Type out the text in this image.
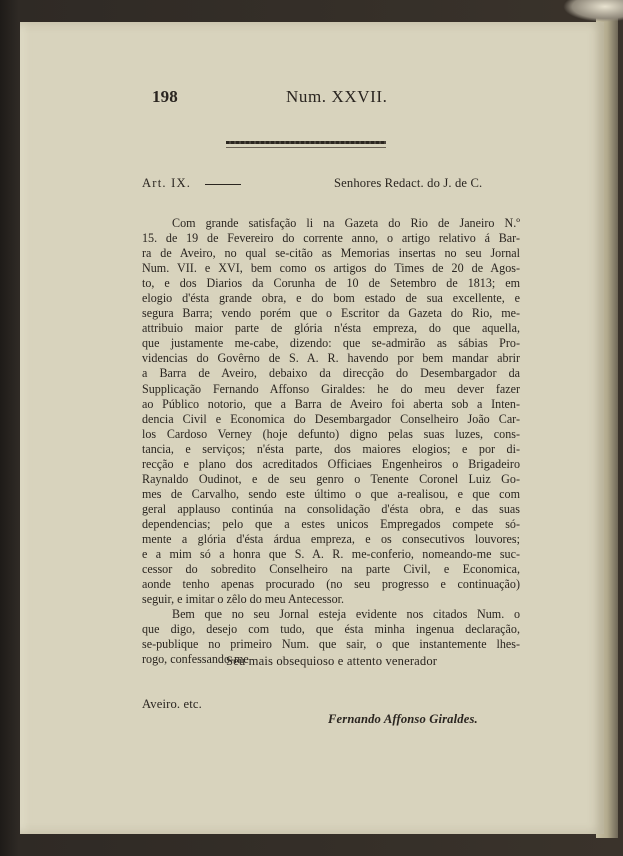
198	Num. XXVII.
Art. IX.	Senhores Redact. do J. de C.
Com grande satisfação li na Gazeta do Rio de Janeiro N.º
15. de 19 de Fevereiro do corrente anno, o artigo relativo á Bar-
ra de Aveiro, no qual se-citão as Memorias insertas no seu Jornal
Num. VII. e XVI, bem como os artigos do Times de 20 de Agos-
to, e dos Diarios da Corunha de 10 de Setembro de 1813; em
elogio d'ésta grande obra, e do bom estado de sua excellente, e
segura Barra; vendo porém que o Escritor da Gazeta do Rio, me-
attribuio maior parte de glória n'ésta empreza, do que aquella,
que justamente me-cabe, dizendo: que se-admirão as sábias Pro-
videncias do Govêrno de S. A. R. havendo por bem mandar abrir
a Barra de Aveiro, debaixo da direcção do Desembargador da
Supplicação Fernando Affonso Giraldes: he do meu dever fazer
ao Público notorio, que a Barra de Aveiro foi aberta sob a Inten-
dencia Civil e Economica do Desembargador Conselheiro João Car-
los Cardoso Verney (hoje defunto) digno pelas suas luzes, cons-
tancia, e serviços; n'ésta parte, dos maiores elogios; e por di-
recção e plano dos acreditados Officiaes Engenheiros o Brigadeiro
Raynaldo Oudinot, e de seu genro o Tenente Coronel Luiz Go-
mes de Carvalho, sendo este último o que a-realisou, e que com
geral applauso continúa na consolidação d'ésta obra, e das suas
dependencias; pelo que a estes unicos Empregados compete só-
mente a glória d'ésta árdua empreza, e os consecutivos louvores;
e a mim só a honra que S. A. R. me-conferio, nomeando-me suc-
cessor do sobredito Conselheiro na parte Civil, e Economica,
aonde tenho apenas procurado (no seu progresso e continuação)
seguir, e imitar o zêlo do meu Antecessor.
Bem que no seu Jornal esteja evidente nos citados Num. o
que digo, desejo com tudo, que ésta minha ingenua declaração,
se-publique no primeiro Num. que sair, o que instantemente lhes-
rogo, confessando-me
Seu mais obsequioso e attento venerador
Aveiro. etc.
Fernando Affonso Giraldes.
